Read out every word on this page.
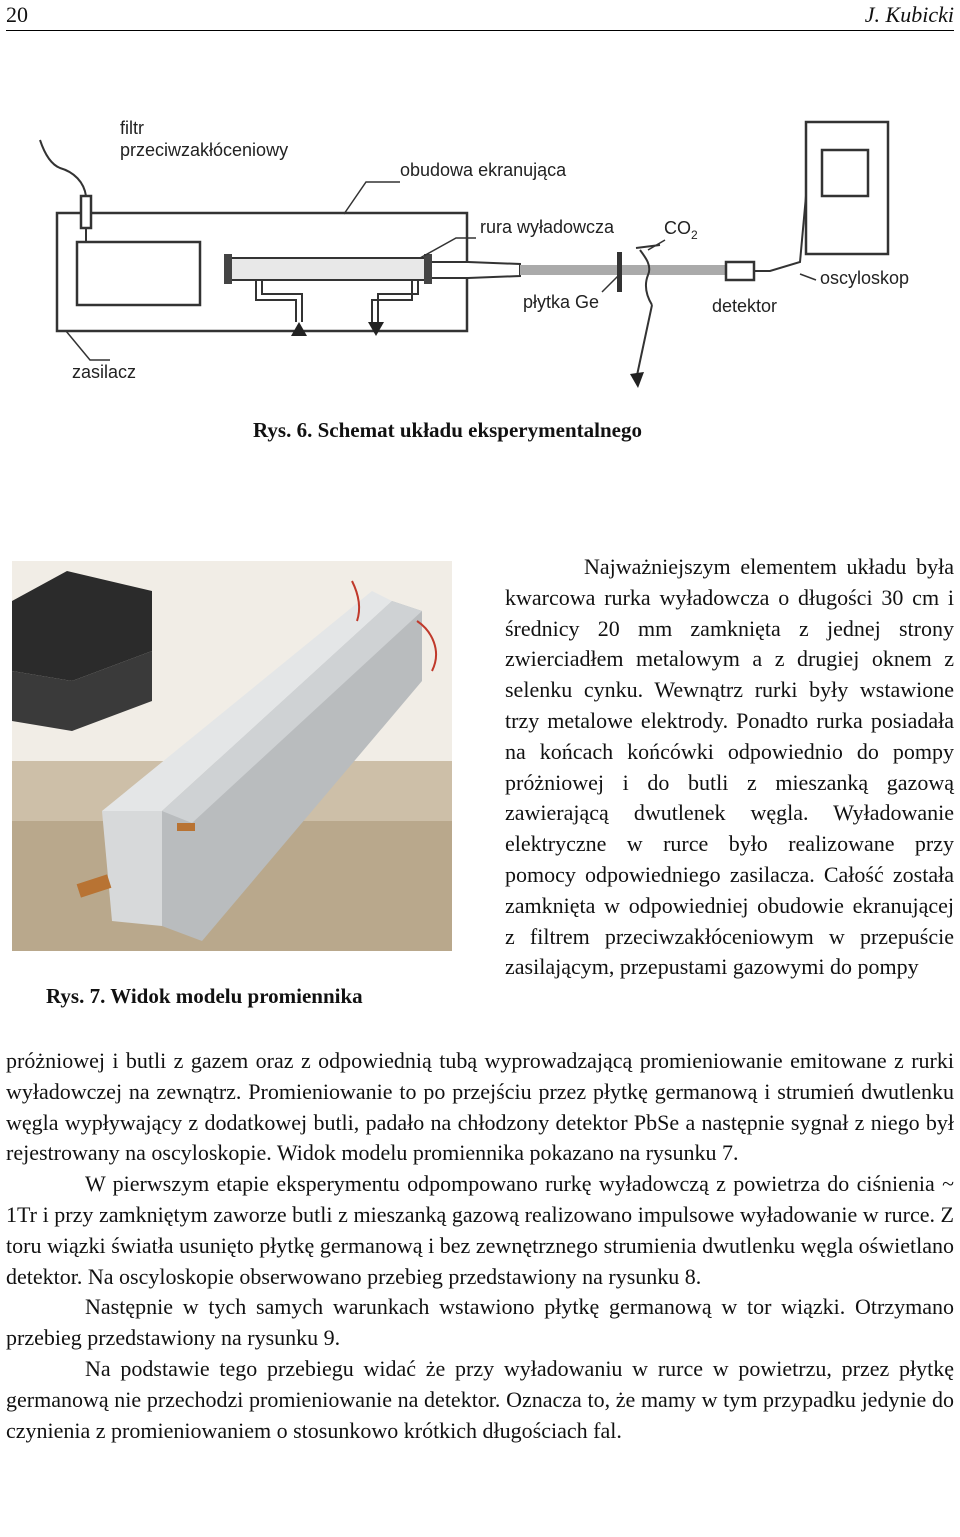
20	J. Kubicki
filtr
przeciwzakłóceniowy
obudowa ekranująca
rura wyładowcza	$CO_2$
oscyloskop
płytka Ge	detektor
zasilacz
Rys. 6. Schemat układu eksperymentalnego
Rys. 7. Widok modelu promiennika

Najważniejszym elementem układu była kwarcowa rurka wyładowcza o długości 30 cm i średnicy 20 mm zamknięta z jednej strony zwierciadłem metalowym a z drugiej oknem z selenku cynku. Wewnątrz rurki były wstawione trzy metalowe elektrody. Ponadto rurka posiadała na końcach końcówki odpowiednio do pompy próżniowej i do butli z mieszanką gazową zawierającą dwutlenek węgla. Wyładowanie elektryczne w rurce było realizowane przy pomocy odpowiedniego zasilacza. Całość została zamknięta w odpowiedniej obudowie ekranującej z filtrem przeciwzakłóceniowym w przepuście zasilającym, przepustami gazowymi do pompy

próżniowej i butli z gazem oraz z odpowiednią tubą wyprowadzającą promieniowanie emitowane z rurki wyładowczej na zewnątrz. Promieniowanie to po przejściu przez płytkę germanową i strumień dwutlenku węgla wypływający z dodatkowej butli, padało na chłodzony detektor PbSe a następnie sygnał z niego był rejestrowany na oscyloskopie. Widok modelu promiennika pokazano na rysunku 7.

W pierwszym etapie eksperymentu odpompowano rurkę wyładowczą z powietrza do ciśnienia ~ 1Tr i przy zamkniętym zaworze butli z mieszanką gazową realizowano impulsowe wyładowanie w rurce. Z toru wiązki światła usunięto płytkę germanową i bez zewnętrznego strumienia dwutlenku węgla oświetlano detektor. Na oscyloskopie obserwowano przebieg przedstawiony na rysunku 8.

Następnie w tych samych warunkach wstawiono płytkę germanową w tor wiązki. Otrzymano przebieg przedstawiony na rysunku 9.

Na podstawie tego przebiegu widać że przy wyładowaniu w rurce w powietrzu, przez płytkę germanową nie przechodzi promieniowanie na detektor. Oznacza to, że mamy w tym przypadku jedynie do czynienia z promieniowaniem o stosunkowo krótkich długościach fal.
